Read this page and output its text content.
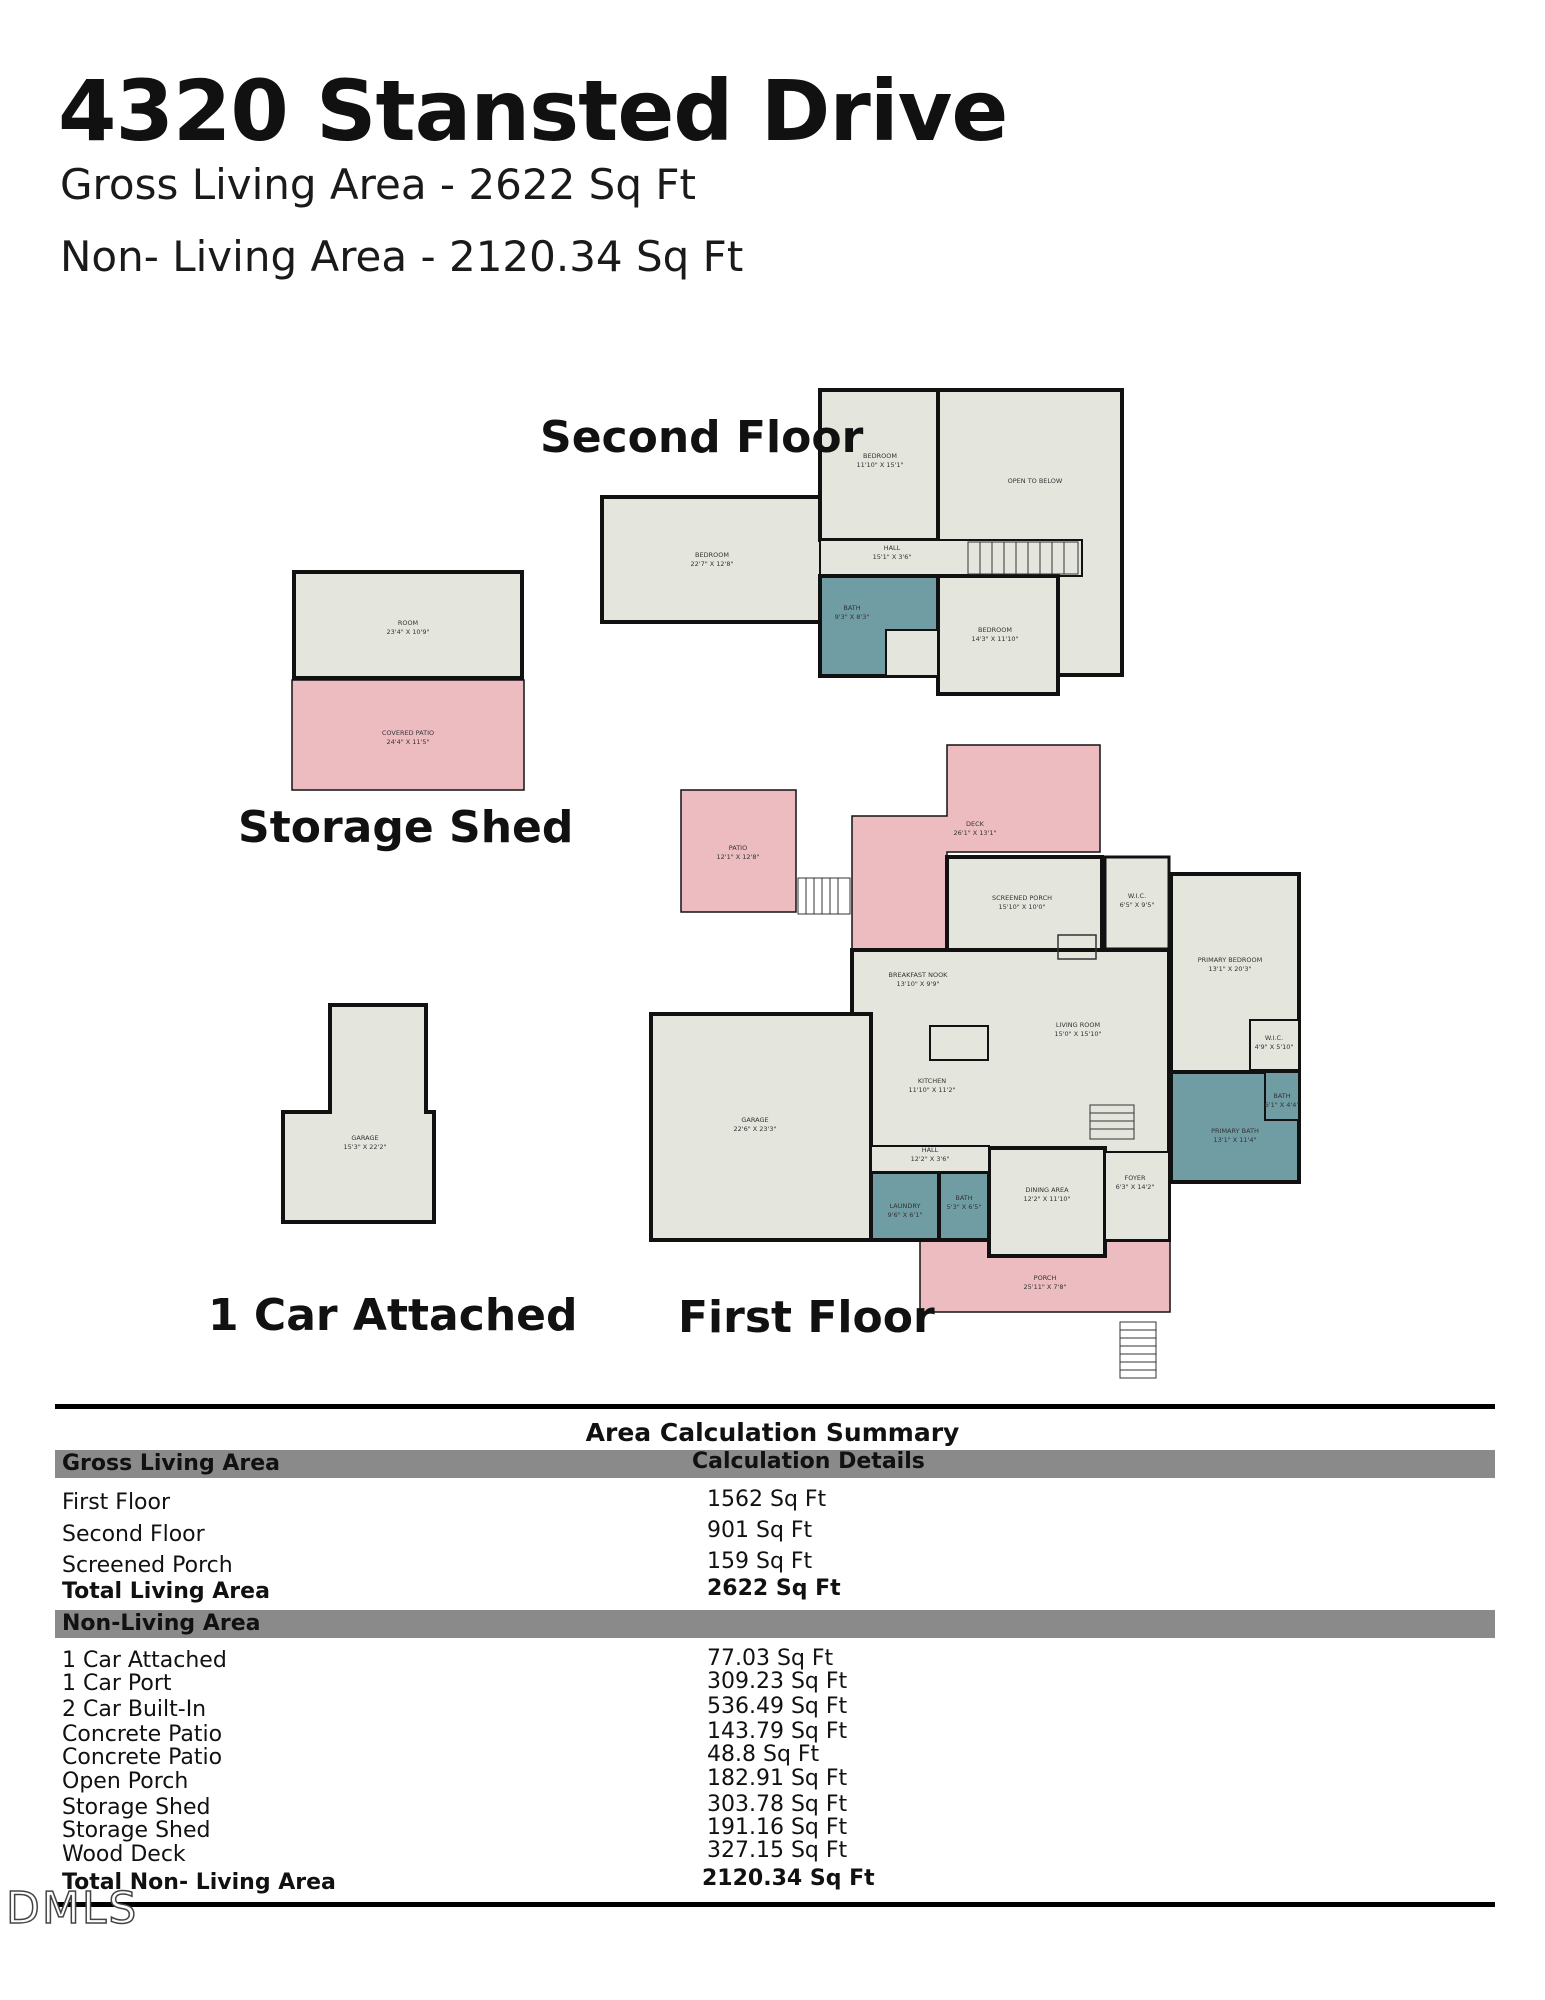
4320 Stansted Drive
Gross Living Area - 2622 Sq Ft
Non- Living Area - 2120.34 Sq Ft
BEDROOM
11'10" X 15'1"
OPEN TO BELOW
BEDROOM
22'7" X 12'8"
HALL
15'1" X 3'6"
BATH
9'3" X 8'3"
BEDROOM
14'3" X 11'10"
ROOM
23'4" X 10'9"
COVERED PATIO
24'4" X 11'5"
GARAGE
15'3" X 22'2"
PATIO
12'1" X 12'8"
DECK
26'1" X 13'1"
SCREENED PORCH
15'10" X 10'0"
W.I.C.
6'5" X 9'5"
PRIMARY BEDROOM
13'1" X 20'3"
BREAKFAST NOOK
13'10" X 9'9"
LIVING ROOM
15'0" X 15'10"	W.I.C.
4'9" X 5'10"
KITCHEN
11'10" X 11'2"
GARAGE
22'6" X 23'3"
BATH
6'1" X 4'4"
PRIMARY BATH
13'1" X 11'4"
HALL
12'2" X 3'6"
FOYER
6'3" X 14'2"
LAUNDRY
9'6" X 6'1"
BATH
5'3" X 6'5"
DINING AREA
12'2" X 11'10"
PORCH
25'11" X 7'8"
Second Floor
Storage Shed
1 Car Attached First Floor
Area Calculation Summary
Gross Living Area	Calculation Details
First Floor	1562 Sq Ft
Second Floor	901 Sq Ft
Screened Porch	159 Sq Ft
Total Living Area	2622 Sq Ft
Non-Living Area
1 Car Attached	77.03 Sq Ft
1 Car Port	309.23 Sq Ft
2 Car Built-In	536.49 Sq Ft
Concrete Patio	143.79 Sq Ft
Concrete Patio	48.8 Sq Ft
Open Porch	182.91 Sq Ft
Storage Shed	303.78 Sq Ft
Storage Shed	191.16 Sq Ft
Wood Deck	327.15 Sq Ft
Total Non- Living Area	2120.34 Sq Ft
DMLS
